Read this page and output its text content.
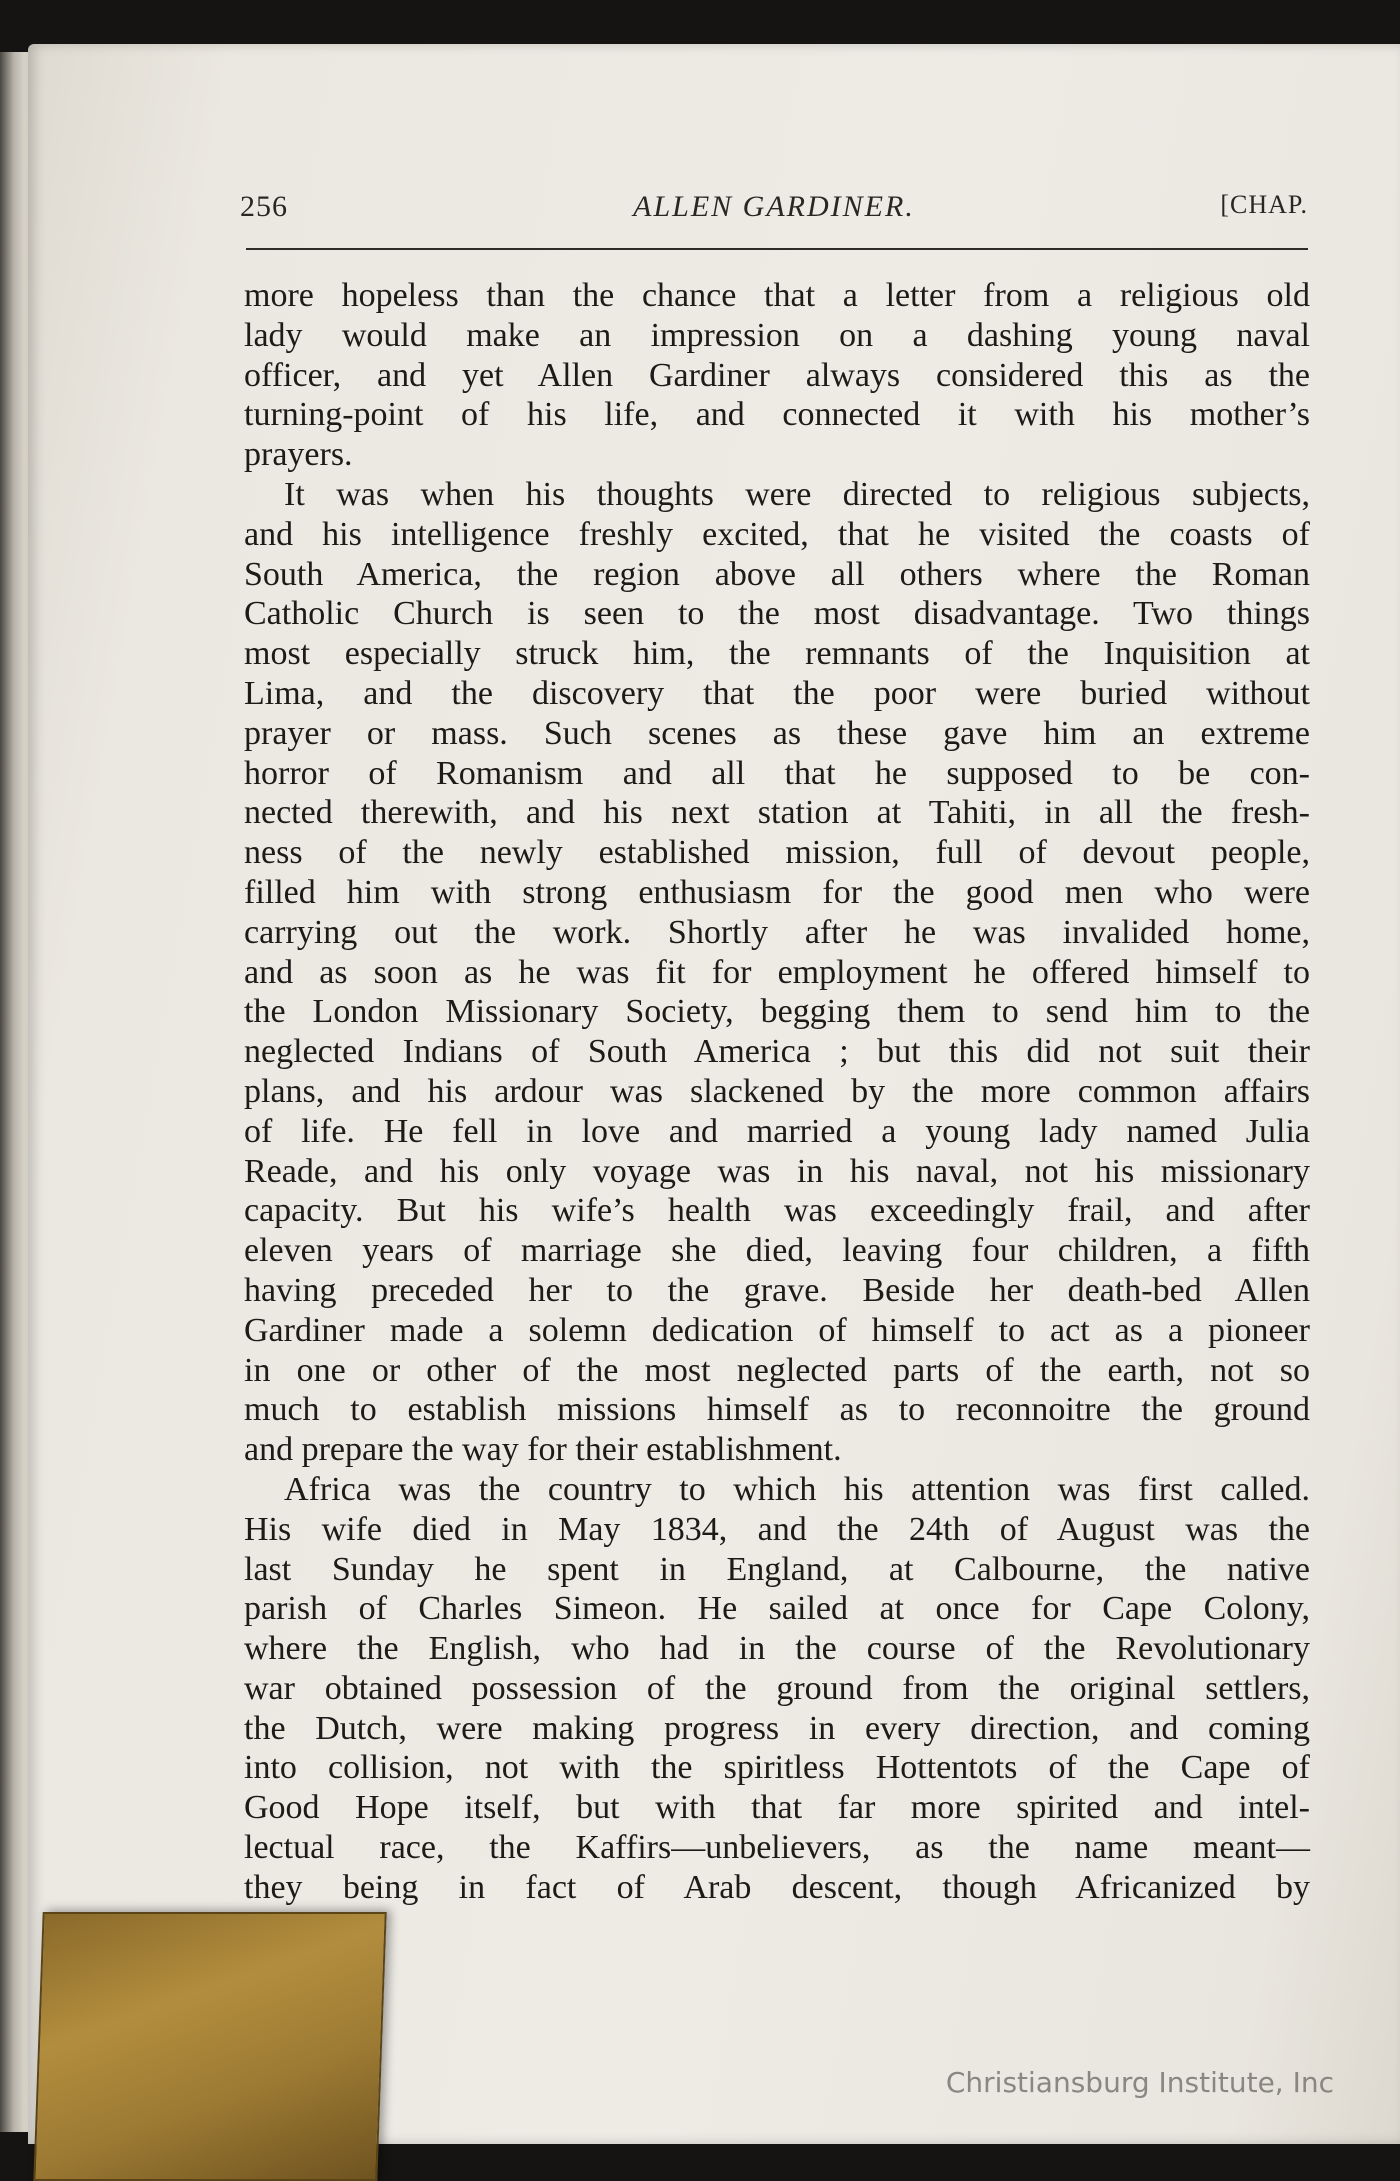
256	ALLEN GARDINER.	[CHAP.
more hopeless than the chance that a letter from a religious old
lady would make an impression on a dashing young naval
officer, and yet Allen Gardiner always considered this as the
turning-point of his life, and connected it with his mother’s
prayers.
It was when his thoughts were directed to religious subjects,
and his intelligence freshly excited, that he visited the coasts of
South America, the region above all others where the Roman
Catholic Church is seen to the most disadvantage. Two things
most especially struck him, the remnants of the Inquisition at
Lima, and the discovery that the poor were buried without
prayer or mass. Such scenes as these gave him an extreme
horror of Romanism and all that he supposed to be con-
nected therewith, and his next station at Tahiti, in all the fresh-
ness of the newly established mission, full of devout people,
filled him with strong enthusiasm for the good men who were
carrying out the work. Shortly after he was invalided home,
and as soon as he was fit for employment he offered himself to
the London Missionary Society, begging them to send him to the
neglected Indians of South America ; but this did not suit their
plans, and his ardour was slackened by the more common affairs
of life. He fell in love and married a young lady named Julia
Reade, and his only voyage was in his naval, not his missionary
capacity. But his wife’s health was exceedingly frail, and after
eleven years of marriage she died, leaving four children, a fifth
having preceded her to the grave. Beside her death-bed Allen
Gardiner made a solemn dedication of himself to act as a pioneer
in one or other of the most neglected parts of the earth, not so
much to establish missions himself as to reconnoitre the ground
and prepare the way for their establishment.
Africa was the country to which his attention was first called.
His wife died in May 1834, and the 24th of August was the
last Sunday he spent in England, at Calbourne, the native
parish of Charles Simeon. He sailed at once for Cape Colony,
where the English, who had in the course of the Revolutionary
war obtained possession of the ground from the original settlers,
the Dutch, were making progress in every direction, and coming
into collision, not with the spiritless Hottentots of the Cape of
Good Hope itself, but with that far more spirited and intel-
lectual race, the Kaffirs—unbelievers, as the name meant—
they being in fact of Arab descent, though Africanized by
Christiansburg Institute, Inc
